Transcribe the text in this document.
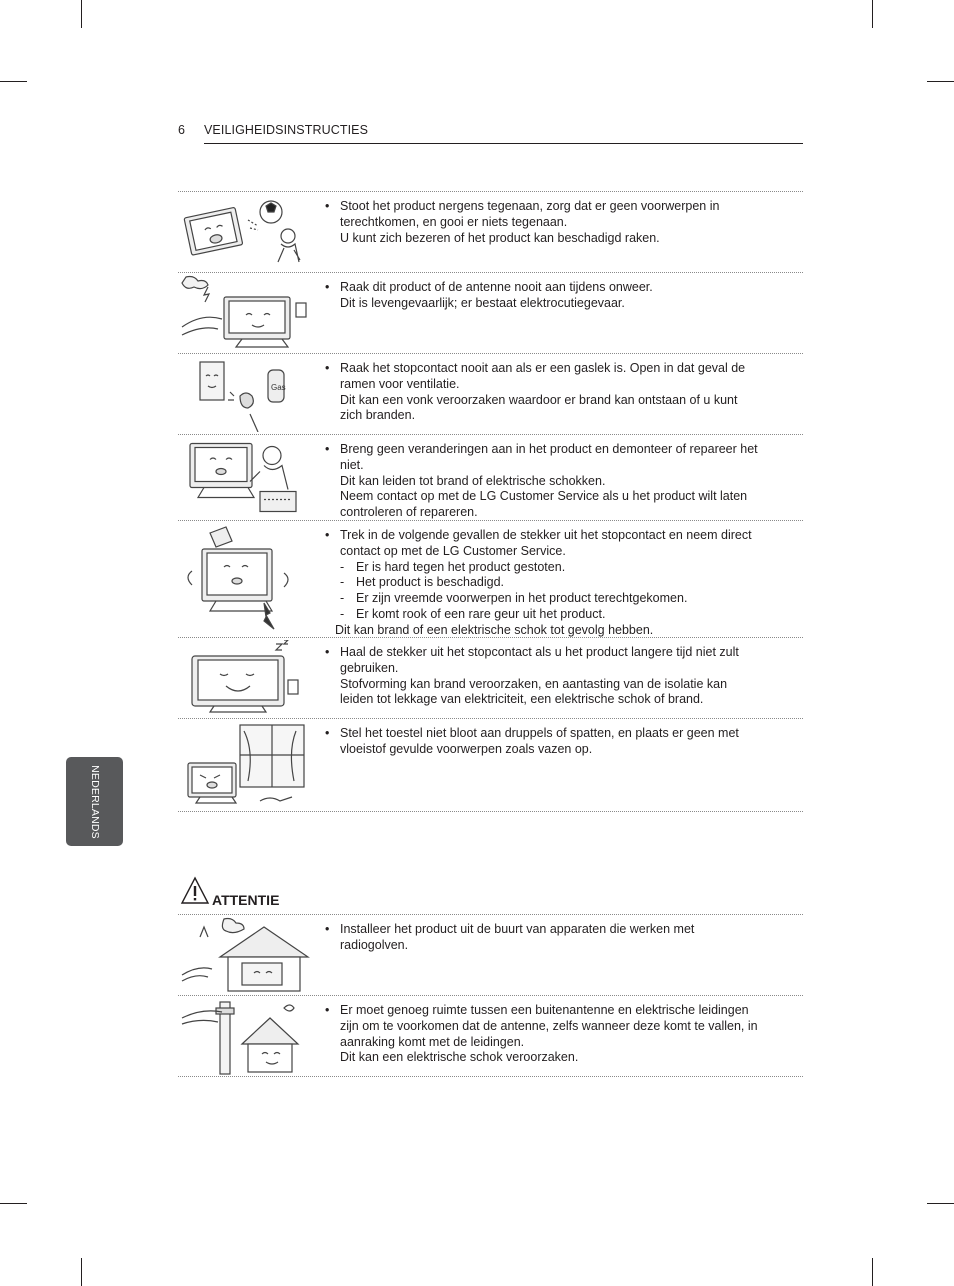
6 VEILIGHEIDSINSTRUCTIES
• Stoot het product nergens tegenaan, zorg dat er geen voorwerpen in
terechtkomen, en gooi er niets tegenaan.
U kunt zich bezeren of het product kan beschadigd raken.
• Raak dit product of de antenne nooit aan tijdens onweer.
Dit is levengevaarlijk; er bestaat elektrocutiegevaar.
Gas
• Raak het stopcontact nooit aan als er een gaslek is. Open in dat geval de
ramen voor ventilatie.
Dit kan een vonk veroorzaken waardoor er brand kan ontstaan of u kunt
zich branden.
• Breng geen veranderingen aan in het product en demonteer of repareer het
niet.
Dit kan leiden tot brand of elektrische schokken.
Neem contact op met de LG Customer Service als u het product wilt laten
controleren of repareren.
• Trek in de volgende gevallen de stekker uit het stopcontact en neem direct
contact op met de LG Customer Service.
- Er is hard tegen het product gestoten.
- Het product is beschadigd.
- Er zijn vreemde voorwerpen in het product terechtgekomen.
- Er komt rook of een rare geur uit het product.
Dit kan brand of een elektrische schok tot gevolg hebben.
• Haal de stekker uit het stopcontact als u het product langere tijd niet zult
gebruiken.
Stofvorming kan brand veroorzaken, en aantasting van de isolatie kan
leiden tot lekkage van elektriciteit, een elektrische schok of brand.
• Stel het toestel niet bloot aan druppels of spatten, en plaats er geen met
vloeistof gevulde voorwerpen zoals vazen op.
ATTENTIE
• Installeer het product uit de buurt van apparaten die werken met
radiogolven.
• Er moet genoeg ruimte tussen een buitenantenne en elektrische leidingen
zijn om te voorkomen dat de antenne, zelfs wanneer deze komt te vallen, in
aanraking komt met de leidingen.
Dit kan een elektrische schok veroorzaken.
NEDERLANDS
